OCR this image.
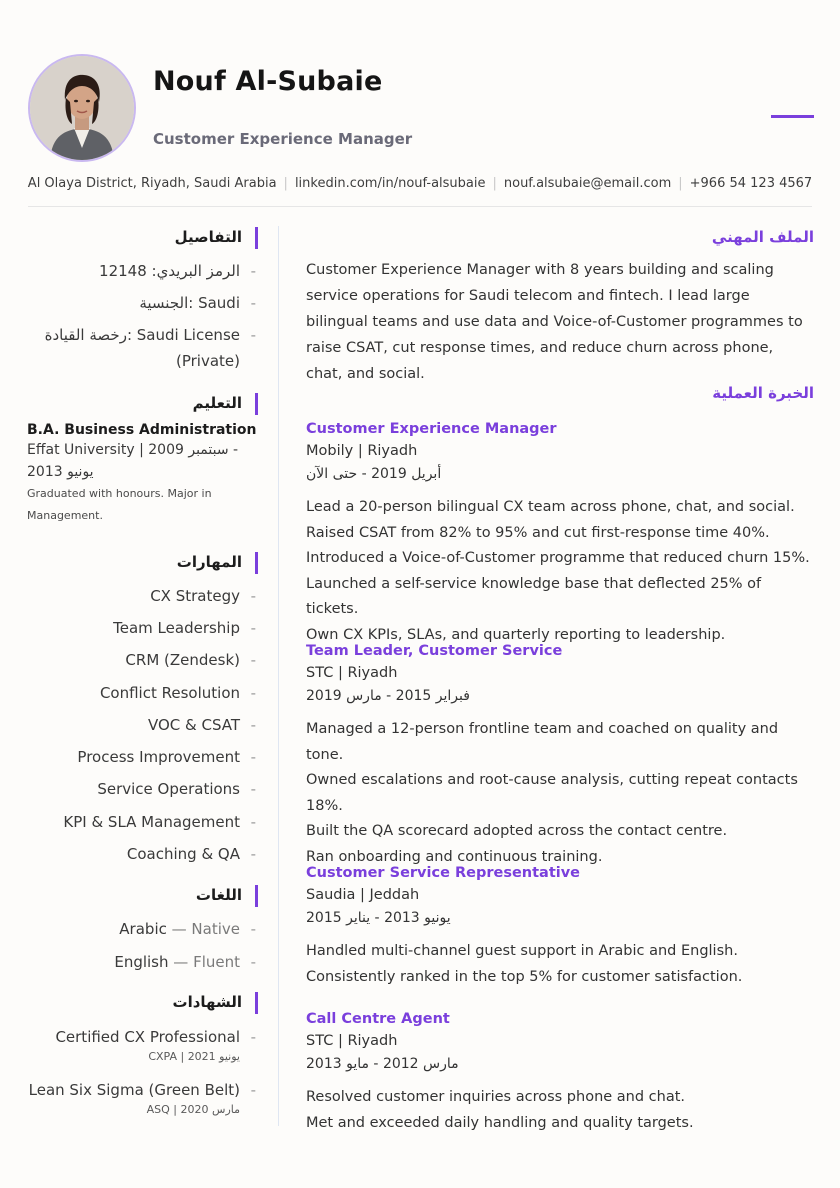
Nouf Al-Subaie
Customer Experience Manager
Al Olaya District, Riyadh, Saudi Arabia | linkedin.com/in/nouf-alsubaie | nouf.alsubaie@email.com | +966 54 123 4567
التفاصيل
الرمز البريدي: 12148 -
الجنسية: Saudi -
رخصة القيادة: Saudi License -
(Private)
التعليم
B.A. Business Administration
Effat University | سبتمبر 2009 -
يونيو 2013
Graduated with honours. Major in Management.
المهارات
CX Strategy -
Team Leadership -
CRM (Zendesk) -
Conflict Resolution -
VOC & CSAT -
Process Improvement -
Service Operations -
KPI & SLA Management -
Coaching & QA -
اللغات
Arabic — Native -
English — Fluent -
الشهادات
Certified CX Professional -
CXPA | يونيو 2021
Lean Six Sigma (Green Belt) -
ASQ | مارس 2020
الملف المهني
Customer Experience Manager with 8 years building and scaling service operations for Saudi telecom and fintech. I lead large bilingual teams and use data and Voice-of-Customer programmes to raise CSAT, cut response times, and reduce churn across phone, chat, and social.
الخبرة العملية
Customer Experience Manager
Mobily | Riyadh
أبريل 2019 - حتى الآن
Lead a 20-person bilingual CX team across phone, chat, and social.
Raised CSAT from 82% to 95% and cut first-response time 40%.
Introduced a Voice-of-Customer programme that reduced churn 15%.
Launched a self-service knowledge base that deflected 25% of tickets.
Own CX KPIs, SLAs, and quarterly reporting to leadership.
Team Leader, Customer Service
STC | Riyadh
فبراير 2015 - مارس 2019
Managed a 12-person frontline team and coached on quality and tone.
Owned escalations and root-cause analysis, cutting repeat contacts 18%.
Built the QA scorecard adopted across the contact centre.
Ran onboarding and continuous training.
Customer Service Representative
Saudia | Jeddah
يونيو 2013 - يناير 2015
Handled multi-channel guest support in Arabic and English.
Consistently ranked in the top 5% for customer satisfaction.
Call Centre Agent
STC | Riyadh
مارس 2012 - مايو 2013
Resolved customer inquiries across phone and chat.
Met and exceeded daily handling and quality targets.
